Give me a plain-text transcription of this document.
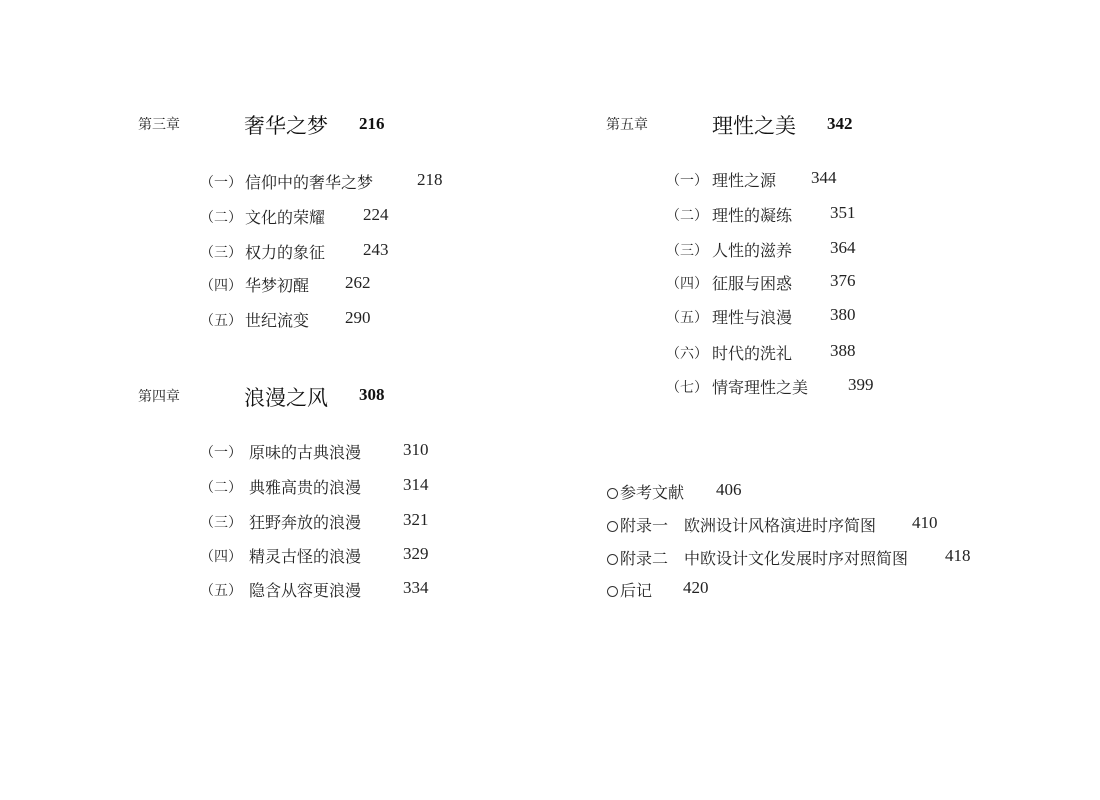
第三章	奢华之梦 216
（一） 信仰中的奢华之梦	218
（二） 文化的荣耀 224
（三） 权力的象征 243
（四） 华梦初醒 262
（五） 世纪流变 290
第四章	浪漫之风 308
（一） 原味的古典浪漫 310
（二） 典雅高贵的浪漫 314
（三） 狂野奔放的浪漫 321
（四） 精灵古怪的浪漫 329
（五） 隐含从容更浪漫 334
第五章	理性之美 342
（一） 理性之源 344
（二） 理性的凝练 351
（三） 人性的滋养 364
（四） 征服与困惑 376
（五） 理性与浪漫 380
（六） 时代的洗礼 388
（七） 情寄理性之美 399
参考文献 406
附录一　欧洲设计风格演进时序简图 410
附录二　中欧设计文化发展时序对照简图 418
后记 420
